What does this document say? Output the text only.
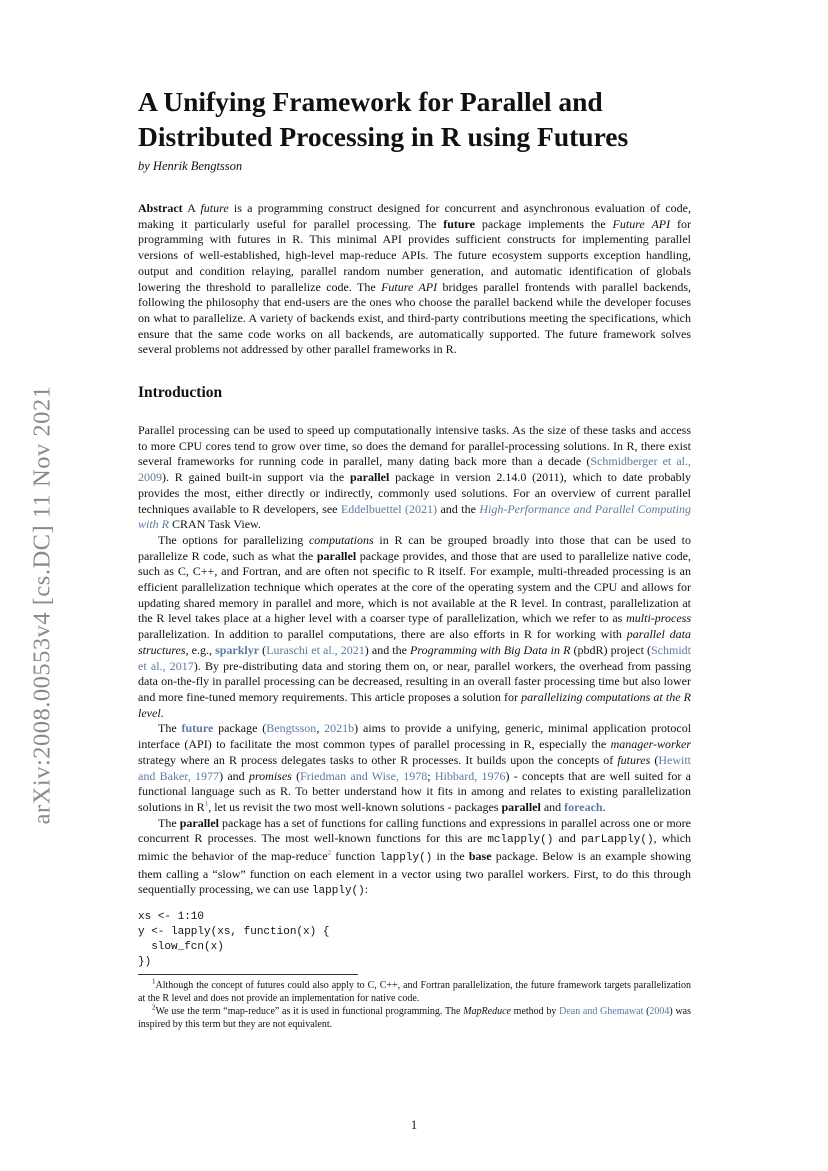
arXiv:2008.00553v4 [cs.DC] 11 Nov 2021
A Unifying Framework for Parallel and Distributed Processing in R using Futures

by Henrik Bengtsson

Abstract A future is a programming construct designed for concurrent and asynchronous evaluation of code, making it particularly useful for parallel processing. The future package implements the Future API for programming with futures in R. This minimal API provides sufficient constructs for implementing parallel versions of well-established, high-level map-reduce APIs. The future ecosystem supports exception handling, output and condition relaying, parallel random number generation, and automatic identification of globals lowering the threshold to parallelize code. The Future API bridges parallel frontends with parallel backends, following the philosophy that end-users are the ones who choose the parallel backend while the developer focuses on what to parallelize. A variety of backends exist, and third-party contributions meeting the specifications, which ensure that the same code works on all backends, are automatically supported. The future framework solves several problems not addressed by other parallel frameworks in R.

Introduction

Parallel processing can be used to speed up computationally intensive tasks. As the size of these tasks and access to more CPU cores tend to grow over time, so does the demand for parallel-processing solutions. In R, there exist several frameworks for running code in parallel, many dating back more than a decade (Schmidberger et al., 2009). R gained built-in support via the parallel package in version 2.14.0 (2011), which to date probably provides the most, either directly or indirectly, commonly used solutions. For an overview of current parallel techniques available to R developers, see Eddelbuettel (2021) and the High-Performance and Parallel Computing with R CRAN Task View.

The options for parallelizing computations in R can be grouped broadly into those that can be used to parallelize R code, such as what the parallel package provides, and those that are used to parallelize native code, such as C, C++, and Fortran, and are often not specific to R itself. For example, multi-threaded processing is an efficient parallelization technique which operates at the core of the operating system and the CPU and allows for updating shared memory in parallel and more, which is not available at the R level. In contrast, parallelization at the R level takes place at a higher level with a coarser type of parallelization, which we refer to as multi-process parallelization. In addition to parallel computations, there are also efforts in R for working with parallel data structures, e.g., sparklyr (Luraschi et al., 2021) and the Programming with Big Data in R (pbdR) project (Schmidt et al., 2017). By pre-distributing data and storing them on, or near, parallel workers, the overhead from passing data on-the-fly in parallel processing can be decreased, resulting in an overall faster processing time but also lower and more fine-tuned memory requirements. This article proposes a solution for parallelizing computations at the R level.

The future package (Bengtsson, 2021b) aims to provide a unifying, generic, minimal application protocol interface (API) to facilitate the most common types of parallel processing in R, especially the manager-worker strategy where an R process delegates tasks to other R processes. It builds upon the concepts of futures (Hewitt and Baker, 1977) and promises (Friedman and Wise, 1978; Hibbard, 1976) - concepts that are well suited for a functional language such as R. To better understand how it fits in among and relates to existing parallelization solutions in R$^1$, let us revisit the two most well-known solutions - packages parallel and foreach.

The parallel package has a set of functions for calling functions and expressions in parallel across one or more concurrent R processes. The most well-known functions for this are mclapply() and parLapply(), which mimic the behavior of the map-reduce$^2$ function lapply() in the base package. Below is an example showing them calling a “slow” function on each element in a vector using two parallel workers. First, to do this through sequentially processing, we can use lapply():

xs <- 1:10
y <- lapply(xs, function(x) {
slow_fcn(x)
})

$^1$Although the concept of futures could also apply to C, C++, and Fortran parallelization, the future framework targets parallelization at the R level and does not provide an implementation for native code.

$^2$We use the term “map-reduce” as it is used in functional programming. The MapReduce method by Dean and Ghemawat (2004) was inspired by this term but they are not equivalent.

1
